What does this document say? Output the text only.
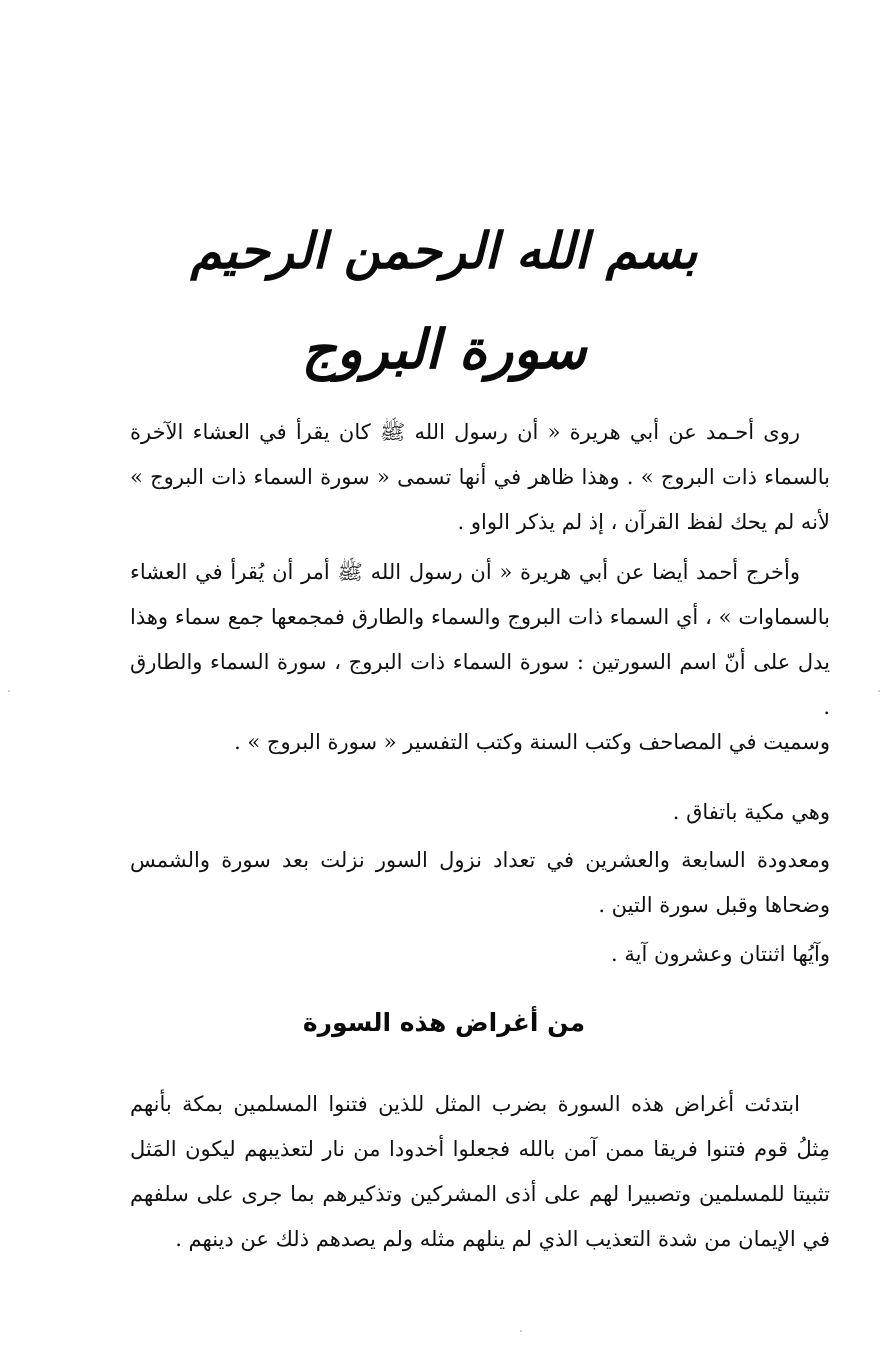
بسم الله الرحمن الرحيم
سورة البروج

روى أحـمد عن أبي هريرة « أن رسول الله ﷺ كان يقرأ في العشاء الآخرة بالسماء ذات البروج » . وهذا ظاهر في أنها تسمى « سورة السماء ذات البروج » لأنه لم يحك لفظ القرآن ، إذ لم يذكر الواو .

وأخرج أحمد أيضا عن أبي هريرة « أن رسول الله ﷺ أمر أن يُقرأ في العشاء بالسماوات » ، أي السماء ذات البروج والسماء والطارق فمجمعها جمع سماء وهذا يدل على أنّ اسم السورتين : سورة السماء ذات البروج ، سورة السماء والطارق .

وسميت في المصاحف وكتب السنة وكتب التفسير « سورة البروج » .

وهي مكية باتفاق .

ومعدودة السابعة والعشرين في تعداد نزول السور نزلت بعد سورة والشمس وضحاها وقبل سورة التين .

وآيُها اثنتان وعشرون آية .

من أغراض هذه السورة

ابتدئت أغراض هذه السورة بضرب المثل للذين فتنوا المسلمين بمكة بأنهم مِثلُ قوم فتنوا فريقا ممن آمن بالله فجعلوا أخدودا من نار لتعذيبهم ليكون المَثل تثبيتا للمسلمين وتصبيرا لهم على أذى المشركين وتذكيرهم بما جرى على سلفهم في الإيمان من شدة التعذيب الذي لم ينلهم مثله ولم يصدهم ذلك عن دينهم .
